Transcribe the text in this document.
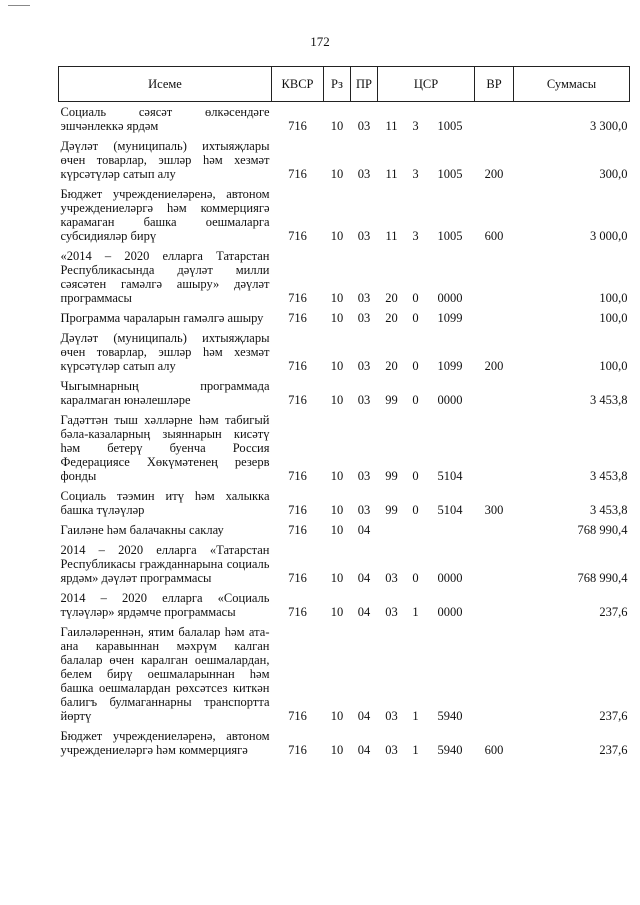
172
Исеме	КВСР	Рз	ПР	ЦСР			ВР	Суммасы
Социаль сәясәт өлкәсендәге эшчәнлеккә ярдәм	716	10	03	11	3	1005		3 300,0
Дәүләт (муниципаль) ихтыяҗлары өчен товарлар, эшләр һәм хезмәт күрсәтүләр сатып алу	716	10	03	11	3	1005	200	300,0
Бюджет учреждениеләренә, автоном учреждениеләргә һәм коммерциягә карамаган башка оешмаларга субсидияләр бирү	716	10	03	11	3	1005	600	3 000,0
«2014 – 2020 елларга Татарстан Республикасында дәүләт милли сәясәтен гамәлгә ашыру» дәүләт программасы	716	10	03	20	0	0000		100,0
Программа чараларын гамәлгә ашыру	716	10	03	20	0	1099		100,0
Дәүләт (муниципаль) ихтыяҗлары өчен товарлар, эшләр һәм хезмәт күрсәтүләр сатып алу	716	10	03	20	0	1099	200	100,0
Чыгымнарның программада каралмаган юнәлешләре	716	10	03	99	0	0000		3 453,8
Гадәттән тыш хәлләрне һәм табигый бәла-казаларның зыяннарын кисәтү һәм бетерү буенча Россия Федерациясе Хөкүмәтенең резерв фонды	716	10	03	99	0	5104		3 453,8
Социаль тәэмин итү һәм халыкка башка түләүләр	716	10	03	99	0	5104	300	3 453,8
Гаиләне һәм балачакны саклау	716	10	04					768 990,4
2014 – 2020 елларга «Татарстан Республикасы гражданнарына социаль ярдәм» дәүләт программасы	716	10	04	03	0	0000		768 990,4
2014 – 2020 елларга «Социаль түләүләр» ярдәмче программасы	716	10	04	03	1	0000		237,6
Гаиләләреннән, ятим балалар һәм ата-ана каравыннан мәхрүм калган балалар өчен каралган оешмалардан, белем бирү оешмаларыннан һәм башка оешмалардан рөхсәтсез киткән балигъ булмаганнарны транспортта йөртү	716	10	04	03	1	5940		237,6
Бюджет учреждениеләренә, автоном учреждениеләргә һәм коммерциягә	716	10	04	03	1	5940	600	237,6
